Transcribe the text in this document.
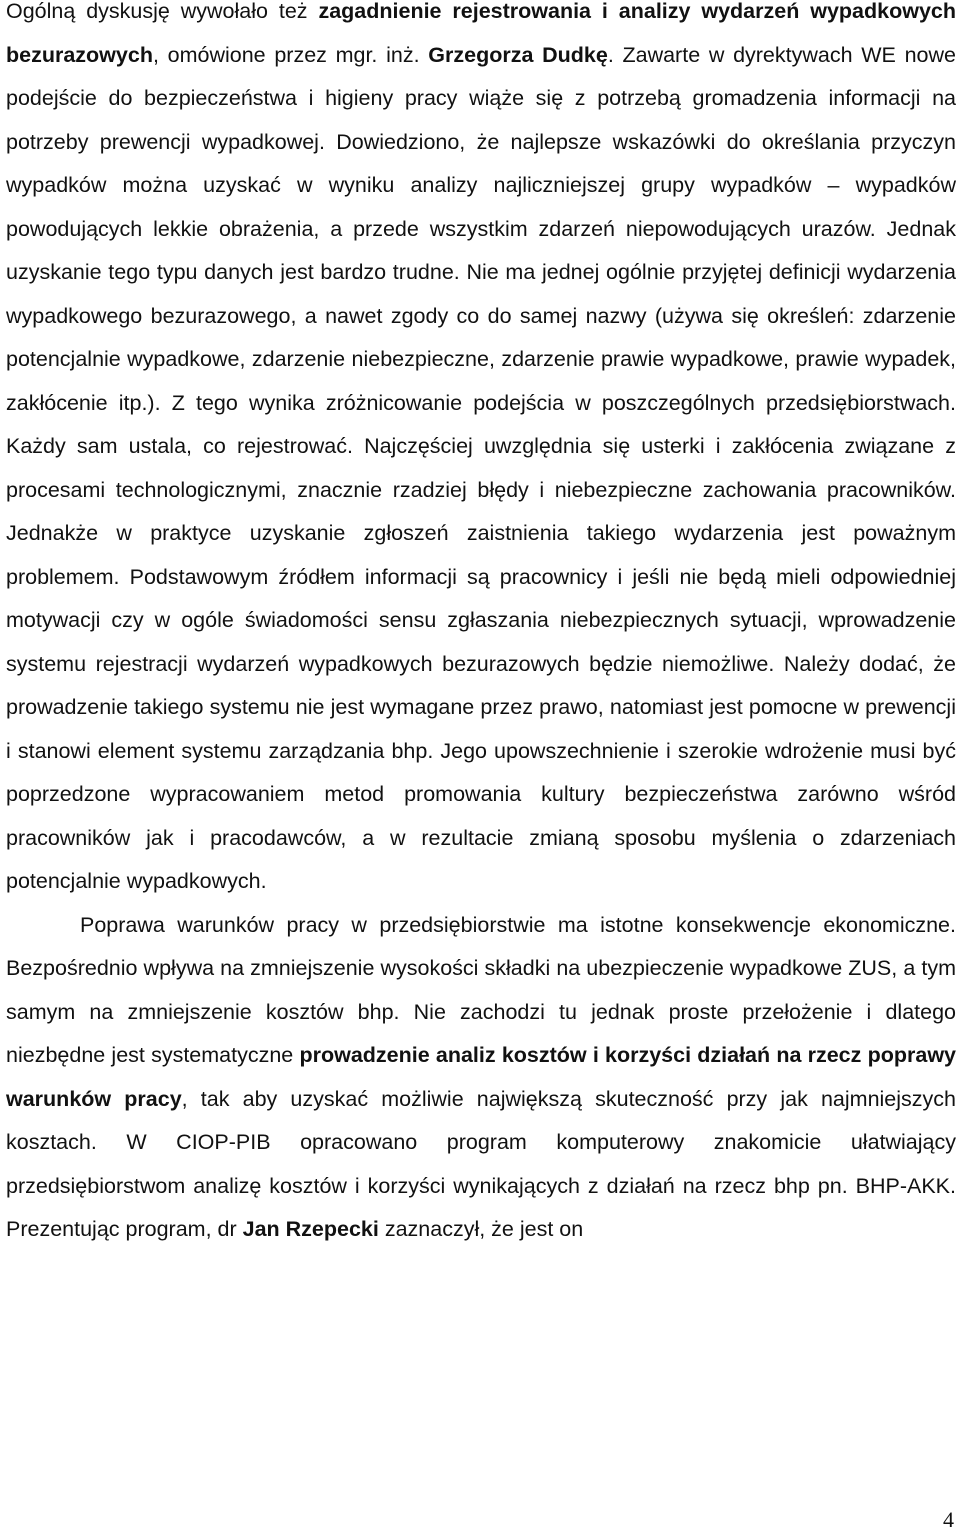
Ogólną dyskusję wywołało też zagadnienie rejestrowania i analizy wydarzeń wypadkowych bezurazowych, omówione przez mgr. inż. Grzegorza Dudkę. Zawarte w dyrektywach WE nowe podejście do bezpieczeństwa i higieny pracy wiąże się z potrzebą gromadzenia informacji na potrzeby prewencji wypadkowej. Dowiedziono, że najlepsze wskazówki do określania przyczyn wypadków można uzyskać w wyniku analizy najliczniejszej grupy wypadków – wypadków powodujących lekkie obrażenia, a przede wszystkim zdarzeń niepowodujących urazów. Jednak uzyskanie tego typu danych jest bardzo trudne. Nie ma jednej ogólnie przyjętej definicji wydarzenia wypadkowego bezurazowego, a nawet zgody co do samej nazwy (używa się określeń: zdarzenie potencjalnie wypadkowe, zdarzenie niebezpieczne, zdarzenie prawie wypadkowe, prawie wypadek, zakłócenie itp.). Z tego wynika zróżnicowanie podejścia w poszczególnych przedsiębiorstwach. Każdy sam ustala, co rejestrować. Najczęściej uwzględnia się usterki i zakłócenia związane z procesami technologicznymi, znacznie rzadziej błędy i niebezpieczne zachowania pracowników. Jednakże w praktyce uzyskanie zgłoszeń zaistnienia takiego wydarzenia jest poważnym problemem. Podstawowym źródłem informacji są pracownicy i jeśli nie będą mieli odpowiedniej motywacji czy w ogóle świadomości sensu zgłaszania niebezpiecznych sytuacji, wprowadzenie systemu rejestracji wydarzeń wypadkowych bezurazowych będzie niemożliwe. Należy dodać, że prowadzenie takiego systemu nie jest wymagane przez prawo, natomiast jest pomocne w prewencji i stanowi element systemu zarządzania bhp. Jego upowszechnienie i szerokie wdrożenie musi być poprzedzone wypracowaniem metod promowania kultury bezpieczeństwa zarówno wśród pracowników jak i pracodawców, a w rezultacie zmianą sposobu myślenia o zdarzeniach potencjalnie wypadkowych.

Poprawa warunków pracy w przedsiębiorstwie ma istotne konsekwencje ekonomiczne. Bezpośrednio wpływa na zmniejszenie wysokości składki na ubezpieczenie wypadkowe ZUS, a tym samym na zmniejszenie kosztów bhp. Nie zachodzi tu jednak proste przełożenie i dlatego niezbędne jest systematyczne prowadzenie analiz kosztów i korzyści działań na rzecz poprawy warunków pracy, tak aby uzyskać możliwie największą skuteczność przy jak najmniejszych kosztach. W CIOP-PIB opracowano program komputerowy znakomicie ułatwiający przedsiębiorstwom analizę kosztów i korzyści wynikających z działań na rzecz bhp pn. BHP-AKK. Prezentując program, dr Jan Rzepecki zaznaczył, że jest on

4
